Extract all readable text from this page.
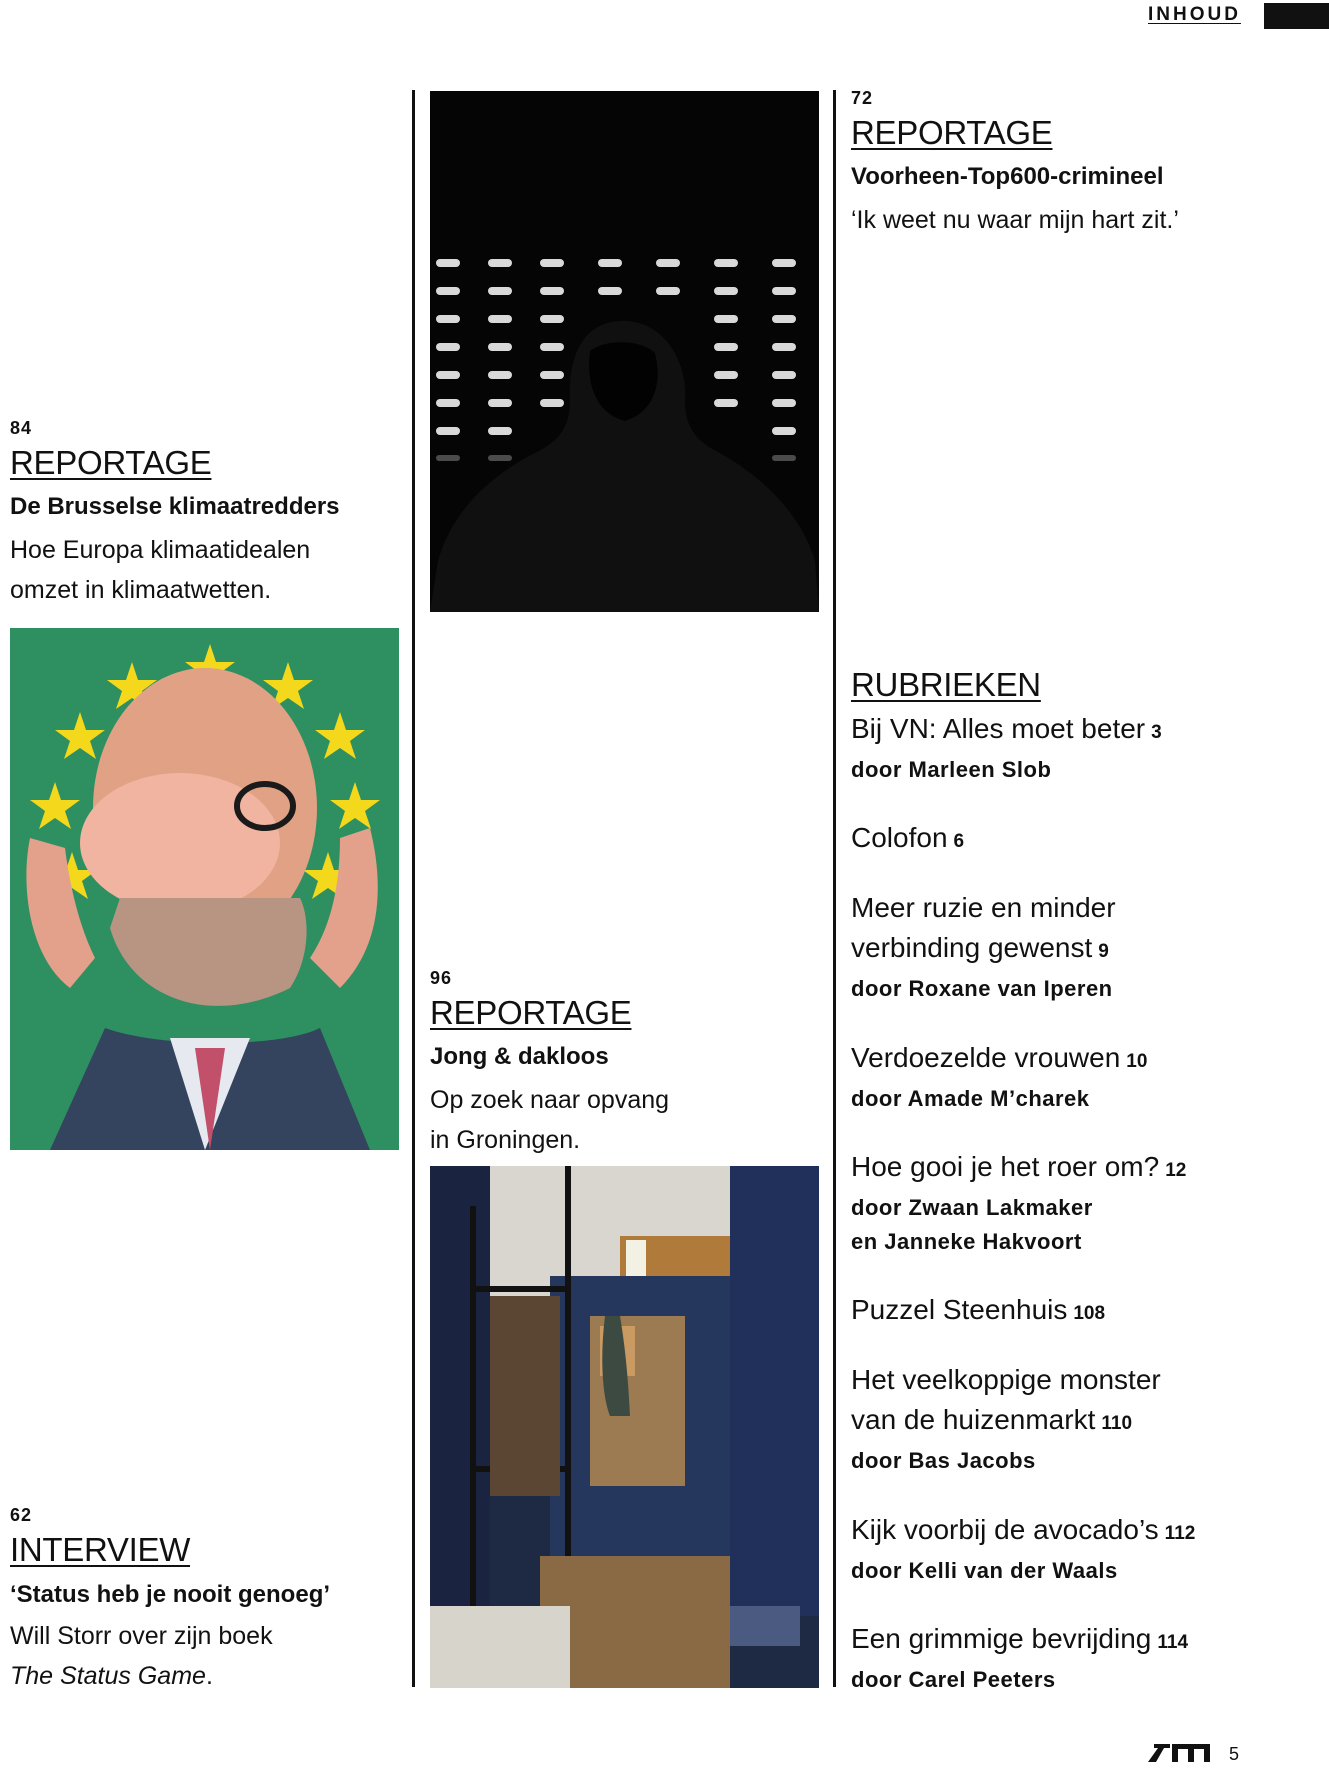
INHOUD
72
REPORTAGE
Voorheen-Top600-crimineel
‘Ik weet nu waar mijn hart zit.’
84
REPORTAGE
De Brusselse klimaatredders
Hoe Europa klimaatidealen
omzet in klimaatwetten.
96
REPORTAGE
Jong & dakloos
Op zoek naar opvang
in Groningen.
62
INTERVIEW
‘Status heb je nooit genoeg’
Will Storr over zijn boek
The Status Game.
RUBRIEKEN
Bij VN: Alles moet beter 3
door Marleen Slob
Colofon 6
Meer ruzie en minder
verbinding gewenst 9
door Roxane van Iperen
Verdoezelde vrouwen 10
door Amade M’charek
Hoe gooi je het roer om? 12
door Zwaan Lakmaker
en Janneke Hakvoort
Puzzel Steenhuis 108
Het veelkoppige monster
van de huizenmarkt 110
door Bas Jacobs
Kijk voorbij de avocado’s 112
door Kelli van der Waals
Een grimmige bevrijding 114
door Carel Peeters
5
